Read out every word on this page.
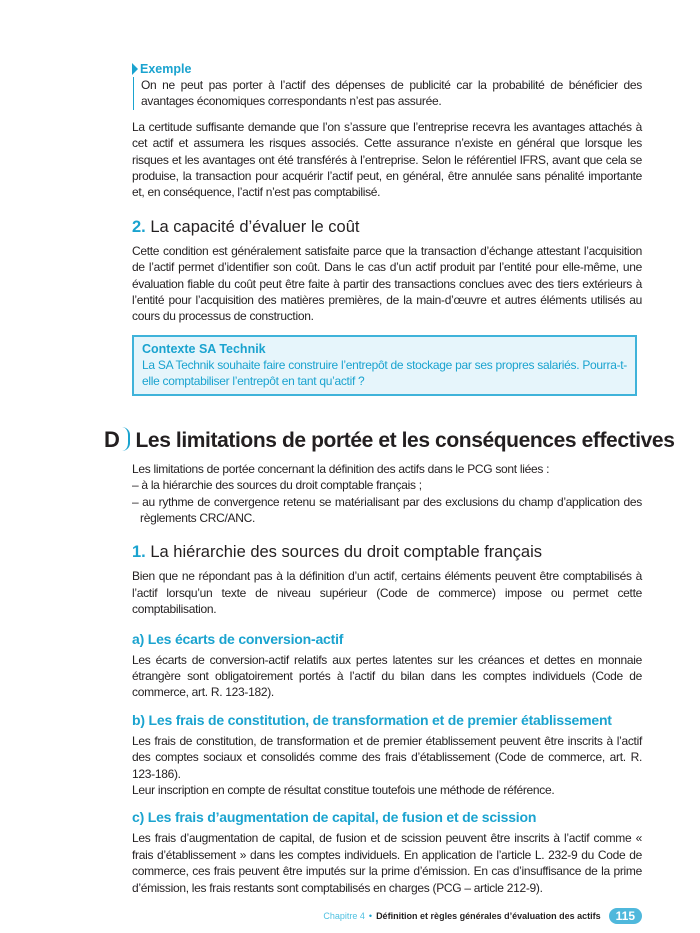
Exemple

On ne peut pas porter à l’actif des dépenses de publicité car la probabilité de bénéficier des avantages économiques correspondants n’est pas assurée.

La certitude suffisante demande que l’on s’assure que l’entreprise recevra les avantages attachés à cet actif et assumera les risques associés. Cette assurance n’existe en général que lorsque les risques et les avantages ont été transférés à l’entreprise. Selon le référentiel IFRS, avant que cela se produise, la transaction pour acquérir l’actif peut, en général, être annulée sans pénalité importante et, en conséquence, l’actif n’est pas comptabilisé.

2. La capacité d’évaluer le coût

Cette condition est généralement satisfaite parce que la transaction d’échange attestant l’acquisition de l’actif permet d’identifier son coût. Dans le cas d’un actif produit par l’entité pour elle-même, une évaluation fiable du coût peut être faite à partir des transactions conclues avec des tiers extérieurs à l’entité pour l’acquisition des matières premières, de la main-d’œuvre et autres éléments utilisés au cours du processus de construction.

Contexte SA Technik

La SA Technik souhaite faire construire l’entrepôt de stockage par ses propres salariés. Pourra-t-elle comptabiliser l’entrepôt en tant qu’actif ?

D Les limitations de portée et les conséquences effectives

Les limitations de portée concernant la définition des actifs dans le PCG sont liées :

– à la hiérarchie des sources du droit comptable français ;

– au rythme de convergence retenu se matérialisant par des exclusions du champ d’application des règlements CRC/ANC.

1. La hiérarchie des sources du droit comptable français

Bien que ne répondant pas à la définition d’un actif, certains éléments peuvent être comptabilisés à l’actif lorsqu’un texte de niveau supérieur (Code de commerce) impose ou permet cette comptabilisation.

a) Les écarts de conversion-actif

Les écarts de conversion-actif relatifs aux pertes latentes sur les créances et dettes en monnaie étrangère sont obligatoirement portés à l’actif du bilan dans les comptes individuels (Code de commerce, art. R. 123-182).

b) Les frais de constitution, de transformation et de premier établissement

Les frais de constitution, de transformation et de premier établissement peuvent être inscrits à l’actif des comptes sociaux et consolidés comme des frais d’établissement (Code de commerce, art. R. 123-186).

Leur inscription en compte de résultat constitue toutefois une méthode de référence.

c) Les frais d’augmentation de capital, de fusion et de scission

Les frais d’augmentation de capital, de fusion et de scission peuvent être inscrits à l’actif comme « frais d’établissement » dans les comptes individuels. En application de l’article L. 232-9 du Code de commerce, ces frais peuvent être imputés sur la prime d’émission. En cas d’insuffisance de la prime d’émission, les frais restants sont comptabilisés en charges (PCG – article 212-9).

Chapitre 4 • Définition et règles générales d’évaluation des actifs	115
